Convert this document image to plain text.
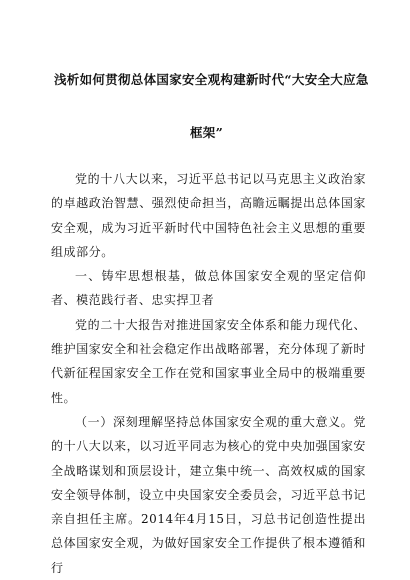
浅析如何贯彻总体国家安全观构建新时代“大安全大应急
框架”

党的十八大以来，习近平总书记以马克思主义政治家的卓越政治智慧、强烈使命担当，高瞻远瞩提出总体国家安全观，成为习近平新时代中国特色社会主义思想的重要组成部分。

一、铸牢思想根基，做总体国家安全观的坚定信仰者、模范践行者、忠实捍卫者

党的二十大报告对推进国家安全体系和能力现代化、维护国家安全和社会稳定作出战略部署，充分体现了新时代新征程国家安全工作在党和国家事业全局中的极端重要性。

（一）深刻理解坚持总体国家安全观的重大意义。党的十八大以来，以习近平同志为核心的党中央加强国家安全战略谋划和顶层设计，建立集中统一、高效权威的国家安全领导体制，设立中央国家安全委员会，习近平总书记亲自担任主席。2014年4月15日，习总书记创造性提出总体国家安全观，为做好国家安全工作提供了根本遵循和行
